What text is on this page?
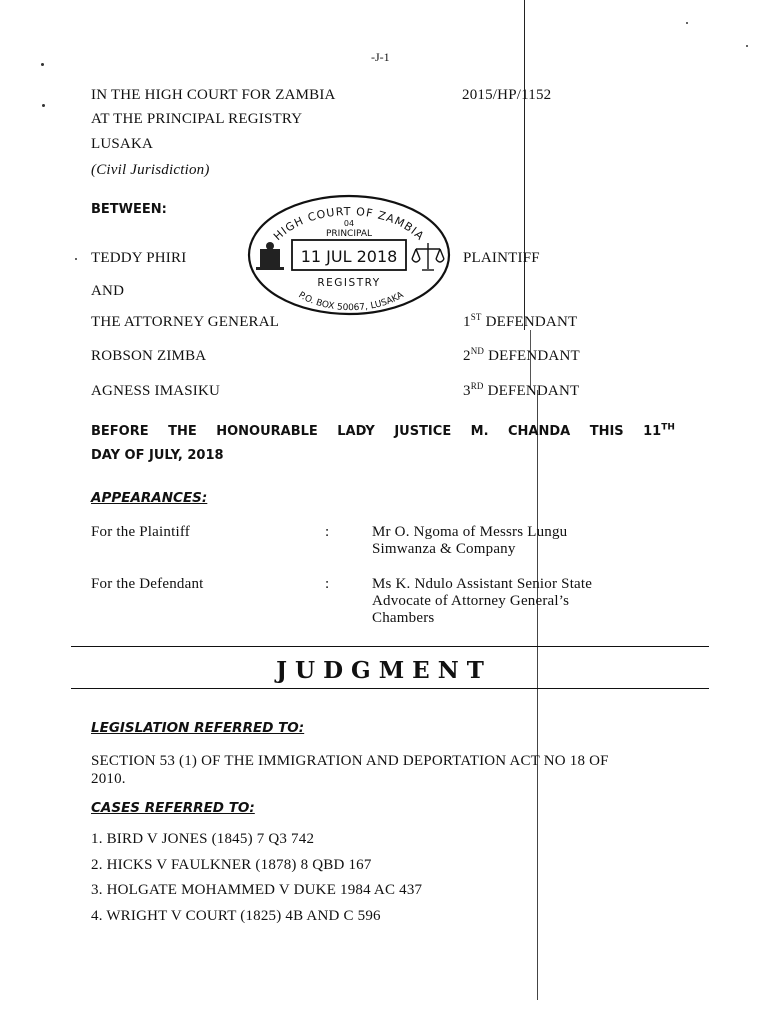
-J-1
IN THE HIGH COURT FOR ZAMBIA
AT THE PRINCIPAL REGISTRY
LUSAKA
(Civil Jurisdiction)
2015/HP/1152
BETWEEN:
TEDDY PHIRI	PLAINTIFF
AND
THE ATTORNEY GENERAL	1ST DEFENDANT
ROBSON ZIMBA	2ND DEFENDANT
AGNESS IMASIKU	3RD DEFENDANT
HIGH COURT OF ZAMBIA
04
PRINCIPAL
11 JUL 2018
REGISTRY
P.O. BOX 50067, LUSAKA
BEFORE THE HONOURABLE LADY JUSTICE M. CHANDA THIS 11TH
DAY OF JULY, 2018
APPEARANCES:
For the Plaintiff	:	Mr O. Ngoma of Messrs Lungu
Simwanza & Company
For the Defendant	:	Ms K. Ndulo Assistant Senior State
Advocate of Attorney General’s
Chambers
JUDGMENT
LEGISLATION REFERRED TO:
SECTION 53 (1) OF THE IMMIGRATION AND DEPORTATION ACT NO 18 OF
2010.
CASES REFERRED TO:
1. BIRD V JONES (1845) 7 Q3 742
2. HICKS V FAULKNER (1878) 8 QBD 167
3. HOLGATE MOHAMMED V DUKE 1984 AC 437
4. WRIGHT V COURT (1825) 4B AND C 596
